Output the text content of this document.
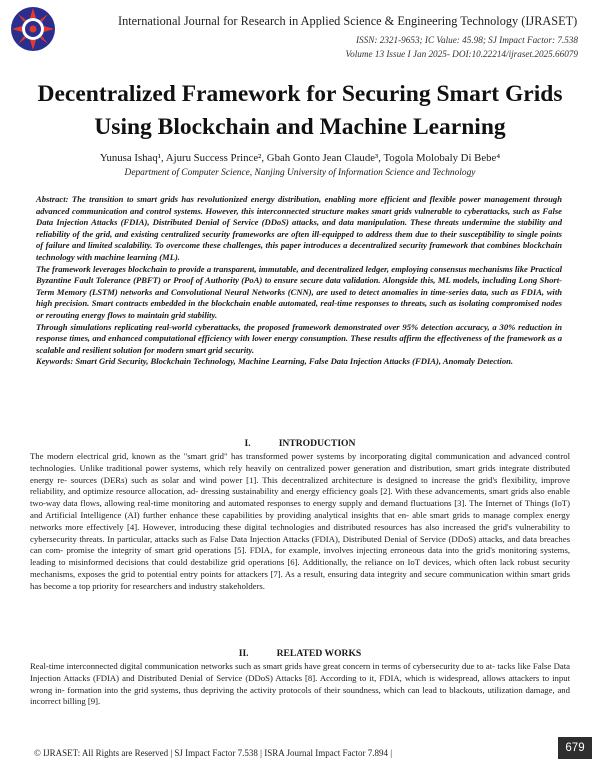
International Journal for Research in Applied Science & Engineering Technology (IJRASET)
ISSN: 2321-9653; IC Value: 45.98; SJ Impact Factor: 7.538
Volume 13 Issue I Jan 2025- DOI:10.22214/ijraset.2025.66079
Decentralized Framework for Securing Smart Grids Using Blockchain and Machine Learning
Yunusa Ishaq¹, Ajuru Success Prince², Gbah Gonto Jean Claude³, Togola Molobaly Di Bebe⁴
Department of Computer Science, Nanjing University of Information Science and Technology

Abstract: The transition to smart grids has revolutionized energy distribution, enabling more efficient and flexible power management through advanced communication and control systems. However, this interconnected structure makes smart grids vulnerable to cyberattacks, such as False Data Injection Attacks (FDIA), Distributed Denial of Service (DDoS) attacks, and data manipulation. These threats undermine the stability and reliability of the grid, and existing centralized security frameworks are often ill-equipped to address them due to their susceptibility to single points of failure and limited scalability. To overcome these challenges, this paper introduces a decentralized security framework that combines blockchain technology with machine learning (ML).

The framework leverages blockchain to provide a transparent, immutable, and decentralized ledger, employing consensus mechanisms like Practical Byzantine Fault Tolerance (PBFT) or Proof of Authority (PoA) to ensure secure data validation. Alongside this, ML models, including Long Short-Term Memory (LSTM) networks and Convolutional Neural Networks (CNN), are used to detect anomalies in time-series data, such as FDIA, with high precision. Smart contracts embedded in the blockchain enable automated, real-time responses to threats, such as isolating compromised nodes or rerouting energy flows to maintain grid stability.

Through simulations replicating real-world cyberattacks, the proposed framework demonstrated over 95% detection accuracy, a 30% reduction in response times, and enhanced computational efficiency with lower energy consumption. These results affirm the effectiveness of the framework as a scalable and resilient solution for modern smart grid security.

Keywords: Smart Grid Security, Blockchain Technology, Machine Learning, False Data Injection Attacks (FDIA), Anomaly Detection.

I.	INTRODUCTION

The modern electrical grid, known as the "smart grid" has transformed power systems by incorporating digital communication and advanced control technologies. Unlike traditional power systems, which rely heavily on centralized power generation and distribution, smart grids integrate distributed energy re- sources (DERs) such as solar and wind power [1]. This decentralized architecture is designed to increase the grid's flexibility, improve reliability, and optimize resource allocation, ad- dressing sustainability and energy efficiency goals [2]. With these advancements, smart grids also enable two-way data flows, allowing real-time monitoring and automated responses to energy supply and demand fluctuations [3]. The Internet of Things (IoT) and Artificial Intelligence (AI) further enhance these capabilities by providing analytical insights that en- able smart grids to manage complex energy networks more effectively [4]. However, introducing these digital technologies and distributed resources has also increased the grid's vulnerability to cybersecurity threats. In particular, attacks such as False Data Injection Attacks (FDIA), Distributed Denial of Service (DDoS) attacks, and data breaches can com- promise the integrity of smart grid operations [5]. FDIA, for example, involves injecting erroneous data into the grid's monitoring systems, leading to misinformed decisions that could destabilize grid operations [6]. Additionally, the reliance on IoT devices, which often lack robust security mechanisms, exposes the grid to potential entry points for attackers [7]. As a result, ensuring data integrity and secure communication within smart grids has become a top priority for researchers and industry stakeholders.

II.	RELATED WORKS

Real-time interconnected digital communication networks such as smart grids have great concern in terms of cybersecurity due to at- tacks like False Data Injection Attacks (FDIA) and Distributed Denial of Service (DDoS) Attacks [8]. According to it, FDIA, which is widespread, allows attackers to input wrong in- formation into the grid systems, thus depriving the activity protocols of their soundness, which can lead to blackouts, utilization damage, and incorrect billing [9].

© IJRASET: All Rights are Reserved | SJ Impact Factor 7.538 | ISRA Journal Impact Factor 7.894 |	679
